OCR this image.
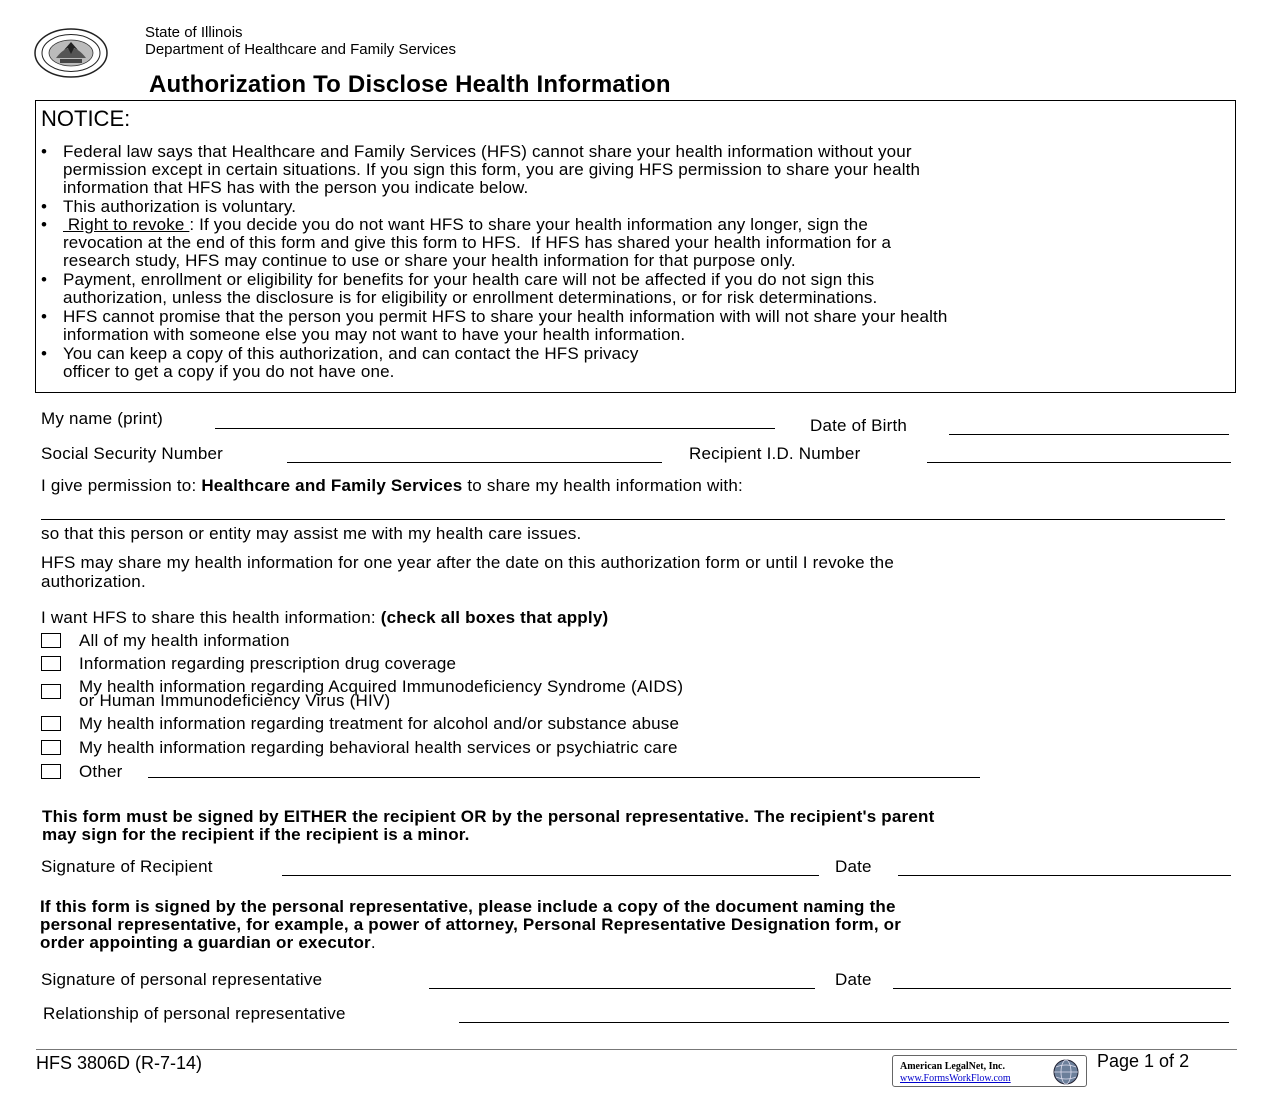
State of Illinois
Department of Healthcare and Family Services
Authorization To Disclose Health Information
NOTICE:
• Federal law says that Healthcare and Family Services (HFS) cannot share your health information without your
permission except in certain situations. If you sign this form, you are giving HFS permission to share your health
information that HFS has with the person you indicate below.
• This authorization is voluntary.
• Right to revoke : If you decide you do not want HFS to share your health information any longer, sign the
revocation at the end of this form and give this form to HFS.  If HFS has shared your health information for a
research study, HFS may continue to use or share your health information for that purpose only.
• Payment, enrollment or eligibility for benefits for your health care will not be affected if you do not sign this
authorization, unless the disclosure is for eligibility or enrollment determinations, or for risk determinations.
• HFS cannot promise that the person you permit HFS to share your health information with will not share your health
information with someone else you may not want to have your health information.
• You can keep a copy of this authorization, and can contact the HFS privacy
officer to get a copy if you do not have one.
My name (print)	Date of Birth
Social Security Number	Recipient I.D. Number
I give permission to: Healthcare and Family Services to share my health information with:
so that this person or entity may assist me with my health care issues.
HFS may share my health information for one year after the date on this authorization form or until I revoke the
authorization.
I want HFS to share this health information: (check all boxes that apply)
All of my health information
Information regarding prescription drug coverage
My health information regarding Acquired Immunodeficiency Syndrome (AIDS)
or Human Immunodeficiency Virus (HIV)
My health information regarding treatment for alcohol and/or substance abuse
My health information regarding behavioral health services or psychiatric care
Other
This form must be signed by EITHER the recipient OR by the personal representative. The recipient's parent
may sign for the recipient if the recipient is a minor.
Signature of Recipient	Date
If this form is signed by the personal representative, please include a copy of the document naming the
personal representative, for example, a power of attorney, Personal Representative Designation form, or
order appointing a guardian or executor.
Signature of personal representative	Date
Relationship of personal representative
HFS 3806D (R-7-14)	American LegalNet, Inc.
www.FormsWorkFlow.com
Page 1 of 2
